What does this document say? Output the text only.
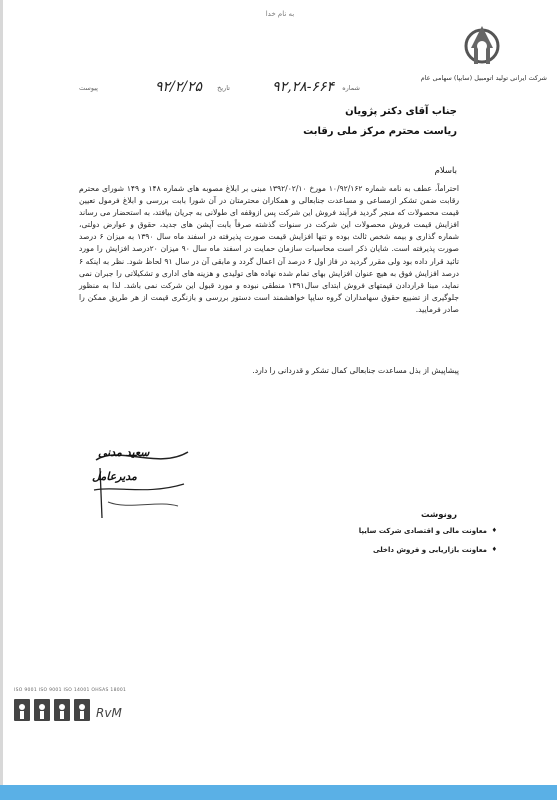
به نام خدا
شرکت ایرانی تولید اتومبیل (سایپا) سهامی عام
شماره
۹۲,۲۸-۶۶۴
تاریخ
۹۲/۲/۲۵
پیوست
جناب آقای دکتر پژویان
ریاست محترم مرکز ملی رقابت
باسلام

احتراماً، عطف به نامه شماره ۱۰/۹۲/۱۶۲ مورخ ۱۳۹۲/۰۲/۱۰ مبنی بر ابلاغ مصوبه های شماره ۱۴۸ و ۱۴۹ شورای محترم رقابت ضمن تشکر ازمساعی و مساعدت جنابعالی و همکاران محترمتان در آن شورا بابت بررسی و ابلاغ فرمول تعیین قیمت محصولات که منجر گردید فرآیند فروش این شرکت پس ازوقفه ای طولانی به جریان بیافتد، به استحضار می رساند افزایش قیمت فروش محصولات این شرکت در سنوات گذشته صرفاً بابت آپشن های جدید، حقوق و عوارض دولتی، شماره گذاری و بیمه شخص ثالث بوده و تنها افزایش قیمت صورت پذیرفته در اسفند ماه سال ۱۳۹۰ به میزان ۶ درصد صورت پذیرفته است. شایان ذکر است محاسبات سازمان حمایت در اسفند ماه سال ۹۰ میزان ۲۰درصد افزایش را مورد تائید قرار داده بود ولی مقرر گردید در فاز اول ۶ درصد آن اعمال گردد و مابقی آن در سال ۹۱ لحاظ شود. نظر به اینکه ۶ درصد افزایش فوق به هیچ عنوان افزایش بهای تمام شده نهاده های تولیدی و هزینه های اداری و تشکیلاتی را جبران نمی نماید، مبنا قراردادن قیمتهای فروش ابتدای سال۱۳۹۱ منطقی نبوده و مورد قبول این شرکت نمی باشد. لذا به منظور جلوگیری از تضییع حقوق سهامداران گروه سایپا خواهشمند است دستور بررسی و بازنگری قیمت از هر طریق ممکن را صادر فرمایید.

پیشاپیش از بذل مساعدت جنابعالی کمال تشکر و قدردانی را دارد.
سعید مدنی
مدیرعامل
رونوشت
♦ معاونت مالی و اقتصادی شرکت سایپا
♦ معاونت بازاریابی و فروش داخلی
ISO 9001 ISO 9001 ISO 14001 OHSAS 18001
RvM
